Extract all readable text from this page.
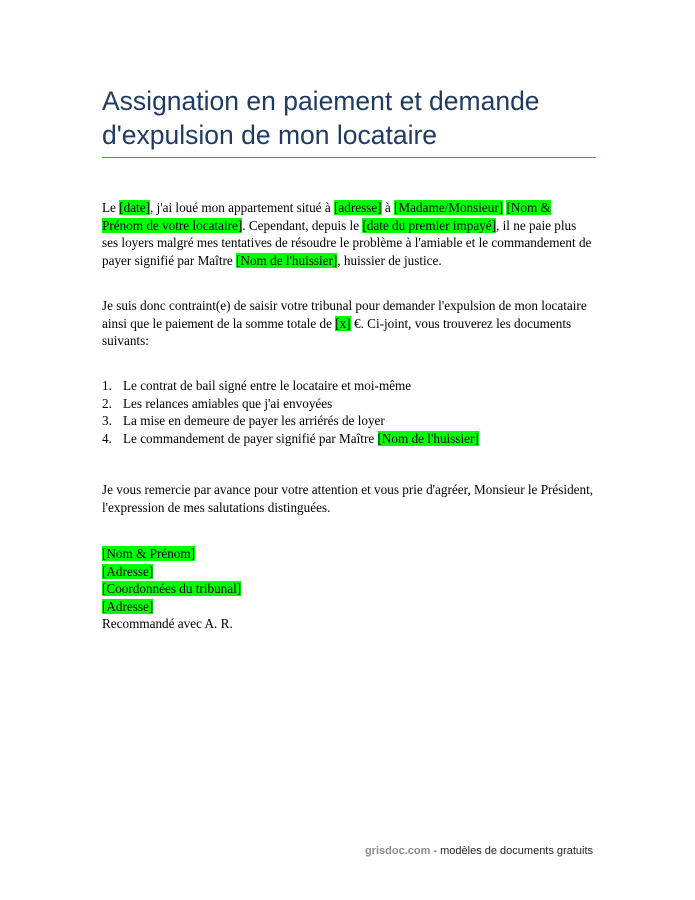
Assignation en paiement et demande d'expulsion de mon locataire

Le [date], j'ai loué mon appartement situé à [adresse] à [Madame/Monsieur] [Nom & Prénom de votre locataire]. Cependant, depuis le [date du premier impayé], il ne paie plus ses loyers malgré mes tentatives de résoudre le problème à l'amiable et le commandement de payer signifié par Maître [Nom de l'huissier], huissier de justice.

Je suis donc contraint(e) de saisir votre tribunal pour demander l'expulsion de mon locataire ainsi que le paiement de la somme totale de [x] €. Ci-joint, vous trouverez les documents suivants:

1. Le contrat de bail signé entre le locataire et moi-même
2. Les relances amiables que j'ai envoyées
3. La mise en demeure de payer les arriérés de loyer
4. Le commandement de payer signifié par Maître [Nom de l'huissier]

Je vous remercie par avance pour votre attention et vous prie d'agréer, Monsieur le Président, l'expression de mes salutations distinguées.

[Nom & Prénom]
[Adresse]
[Coordonnées du tribunal]
[Adresse]
Recommandé avec A. R.
grisdoc.com - modèles de documents gratuits
